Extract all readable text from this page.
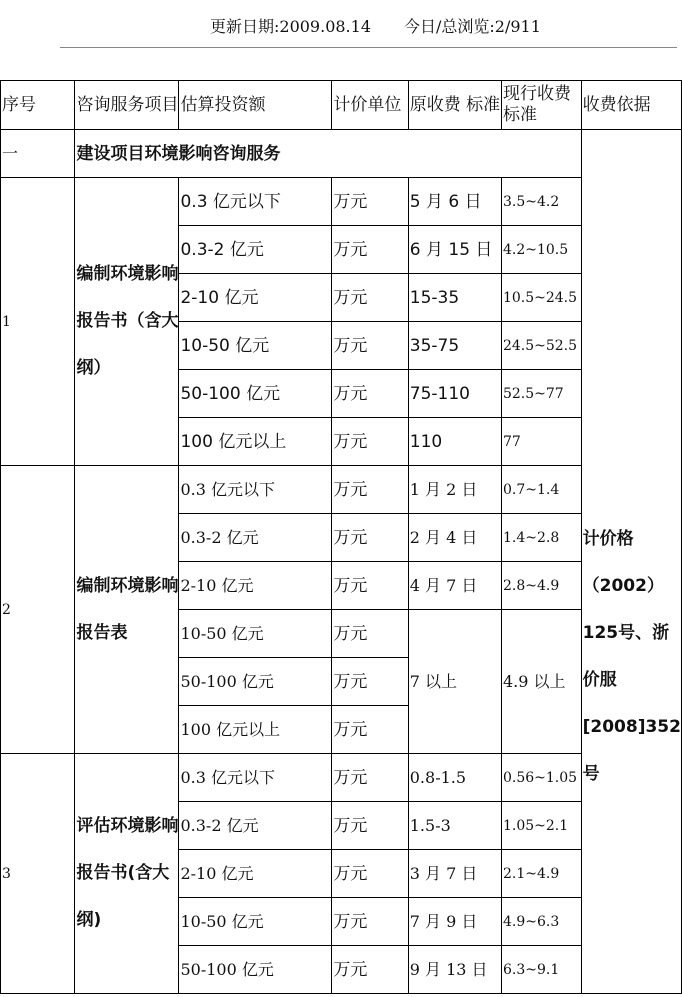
更新日期:2009.08.14 今日/总浏览:2/911
序号	咨询服务项目	估算投资额	计价单位	原收费 标准	现行收费标准	收费依据
一	建设项目环境影响咨询服务					计价格（2002）125号、浙价服[2008]352号
1	编制环境影响报告书（含大纲）	0.3 亿元以下	万元	5 月 6 日	3.5~4.2	
		0.3-2 亿元	万元	6 月 15 日	4.2~10.5	
		2-10 亿元	万元	15-35	10.5~24.5	
		10-50 亿元	万元	35-75	24.5~52.5	
		50-100 亿元	万元	75-110	52.5~77	
		100 亿元以上	万元	110	77	
2	编制环境影响报告表	0.3 亿元以下	万元	1 月 2 日	0.7~1.4	
		0.3-2 亿元	万元	2 月 4 日	1.4~2.8	
		2-10 亿元	万元	4 月 7 日	2.8~4.9	
		10-50 亿元	万元	7 以上	4.9 以上	
		50-100 亿元	万元			
		100 亿元以上	万元			
3	评估环境影响报告书(含大纲)	0.3 亿元以下	万元	0.8-1.5	0.56~1.05	
		0.3-2 亿元	万元	1.5-3	1.05~2.1	
		2-10 亿元	万元	3 月 7 日	2.1~4.9	
		10-50 亿元	万元	7 月 9 日	4.9~6.3	
		50-100 亿元	万元	9 月 13 日	6.3~9.1	
